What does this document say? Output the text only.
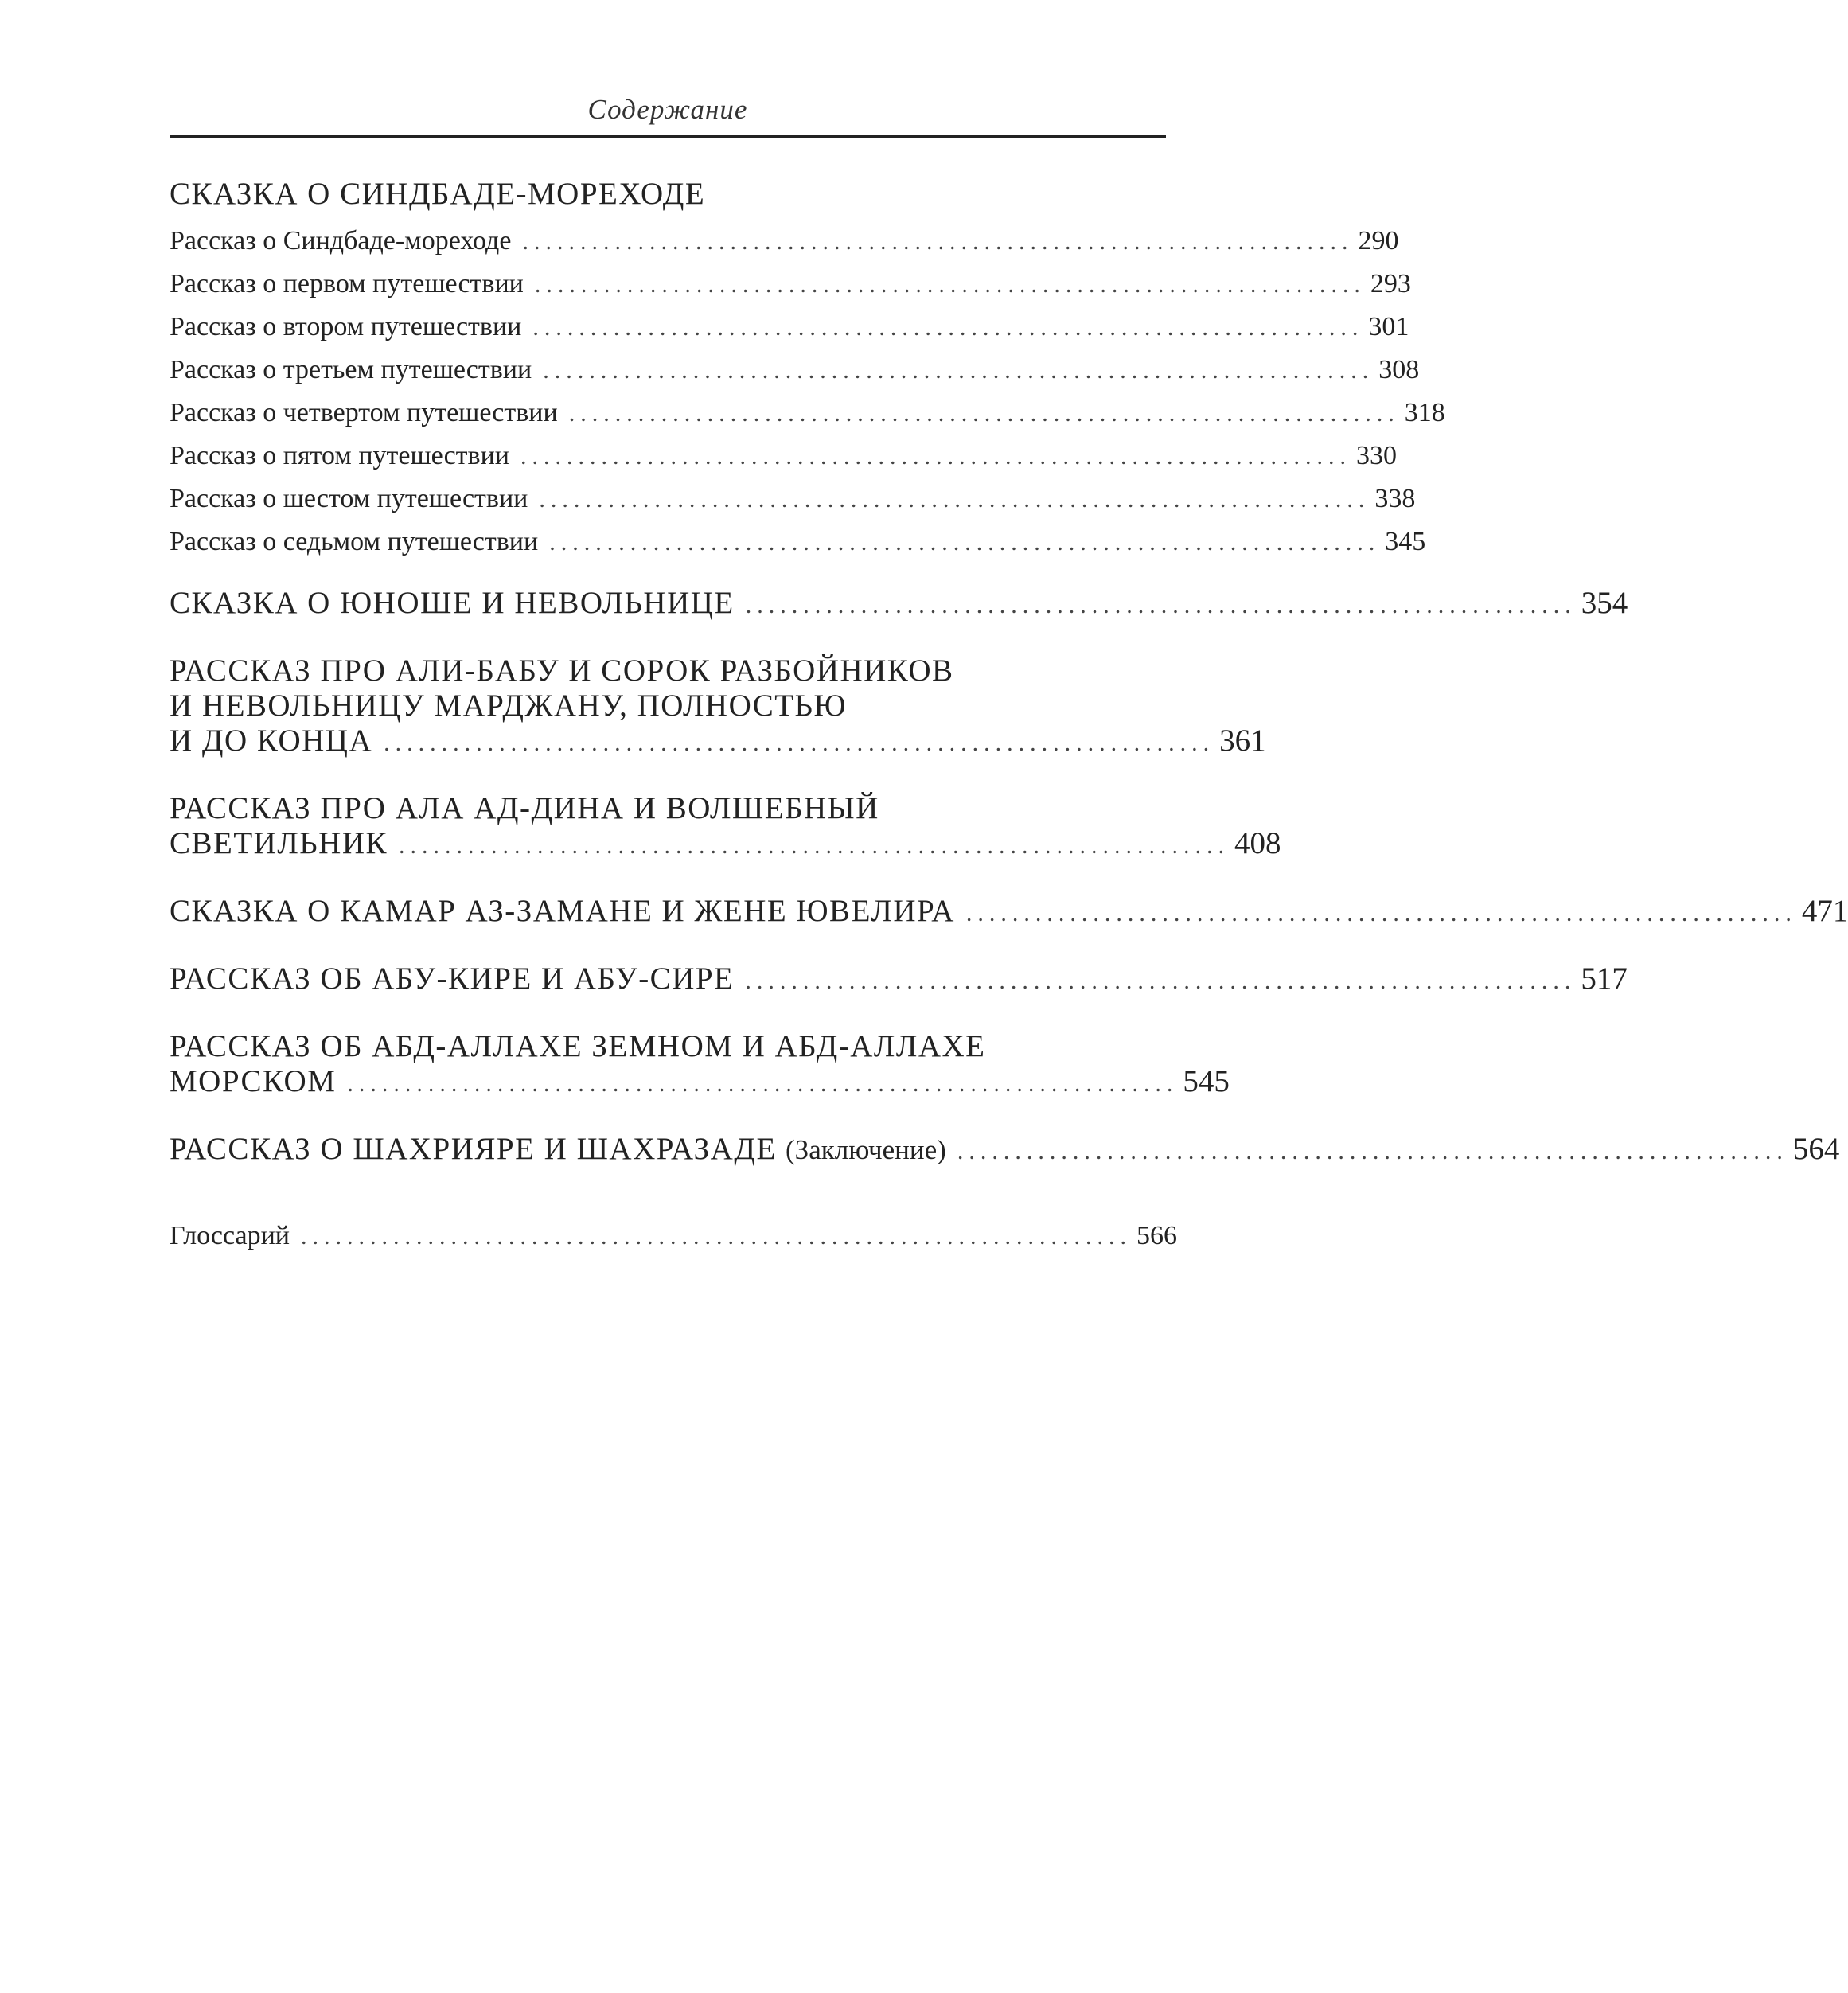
Содержание
СКАЗКА О СИНДБАДЕ-МОРЕХОДЕ
Рассказ о Синдбаде-мореходе ........................................................................ 290
Рассказ о первом путешествии ........................................................................ 293
Рассказ о втором путешествии ........................................................................ 301
Рассказ о третьем путешествии ........................................................................ 308
Рассказ о четвертом путешествии ........................................................................ 318
Рассказ о пятом путешествии ........................................................................ 330
Рассказ о шестом путешествии ........................................................................ 338
Рассказ о седьмом путешествии ........................................................................ 345
СКАЗКА О ЮНОШЕ И НЕВОЛЬНИЦЕ ........................................................................ 354
РАССКАЗ ПРО АЛИ-БАБУ И СОРОК РАЗБОЙНИКОВ
И НЕВОЛЬНИЦУ МАРДЖАНУ, ПОЛНОСТЬЮ
И ДО КОНЦА ........................................................................ 361
РАССКАЗ ПРО АЛА АД-ДИНА И ВОЛШЕБНЫЙ
СВЕТИЛЬНИК ........................................................................ 408
СКАЗКА О КАМАР АЗ-ЗАМАНЕ И ЖЕНЕ ЮВЕЛИРА ........................................................................ 471
РАССКАЗ ОБ АБУ-КИРЕ И АБУ-СИРЕ ........................................................................ 517
РАССКАЗ ОБ АБД-АЛЛАХЕ ЗЕМНОМ И АБД-АЛЛАХЕ
МОРСКОМ ........................................................................ 545
РАССКАЗ О ШАХРИЯРЕ И ШАХРАЗАДЕ (Заключение) ........................................................................ 564
Глоссарий ........................................................................ 566
